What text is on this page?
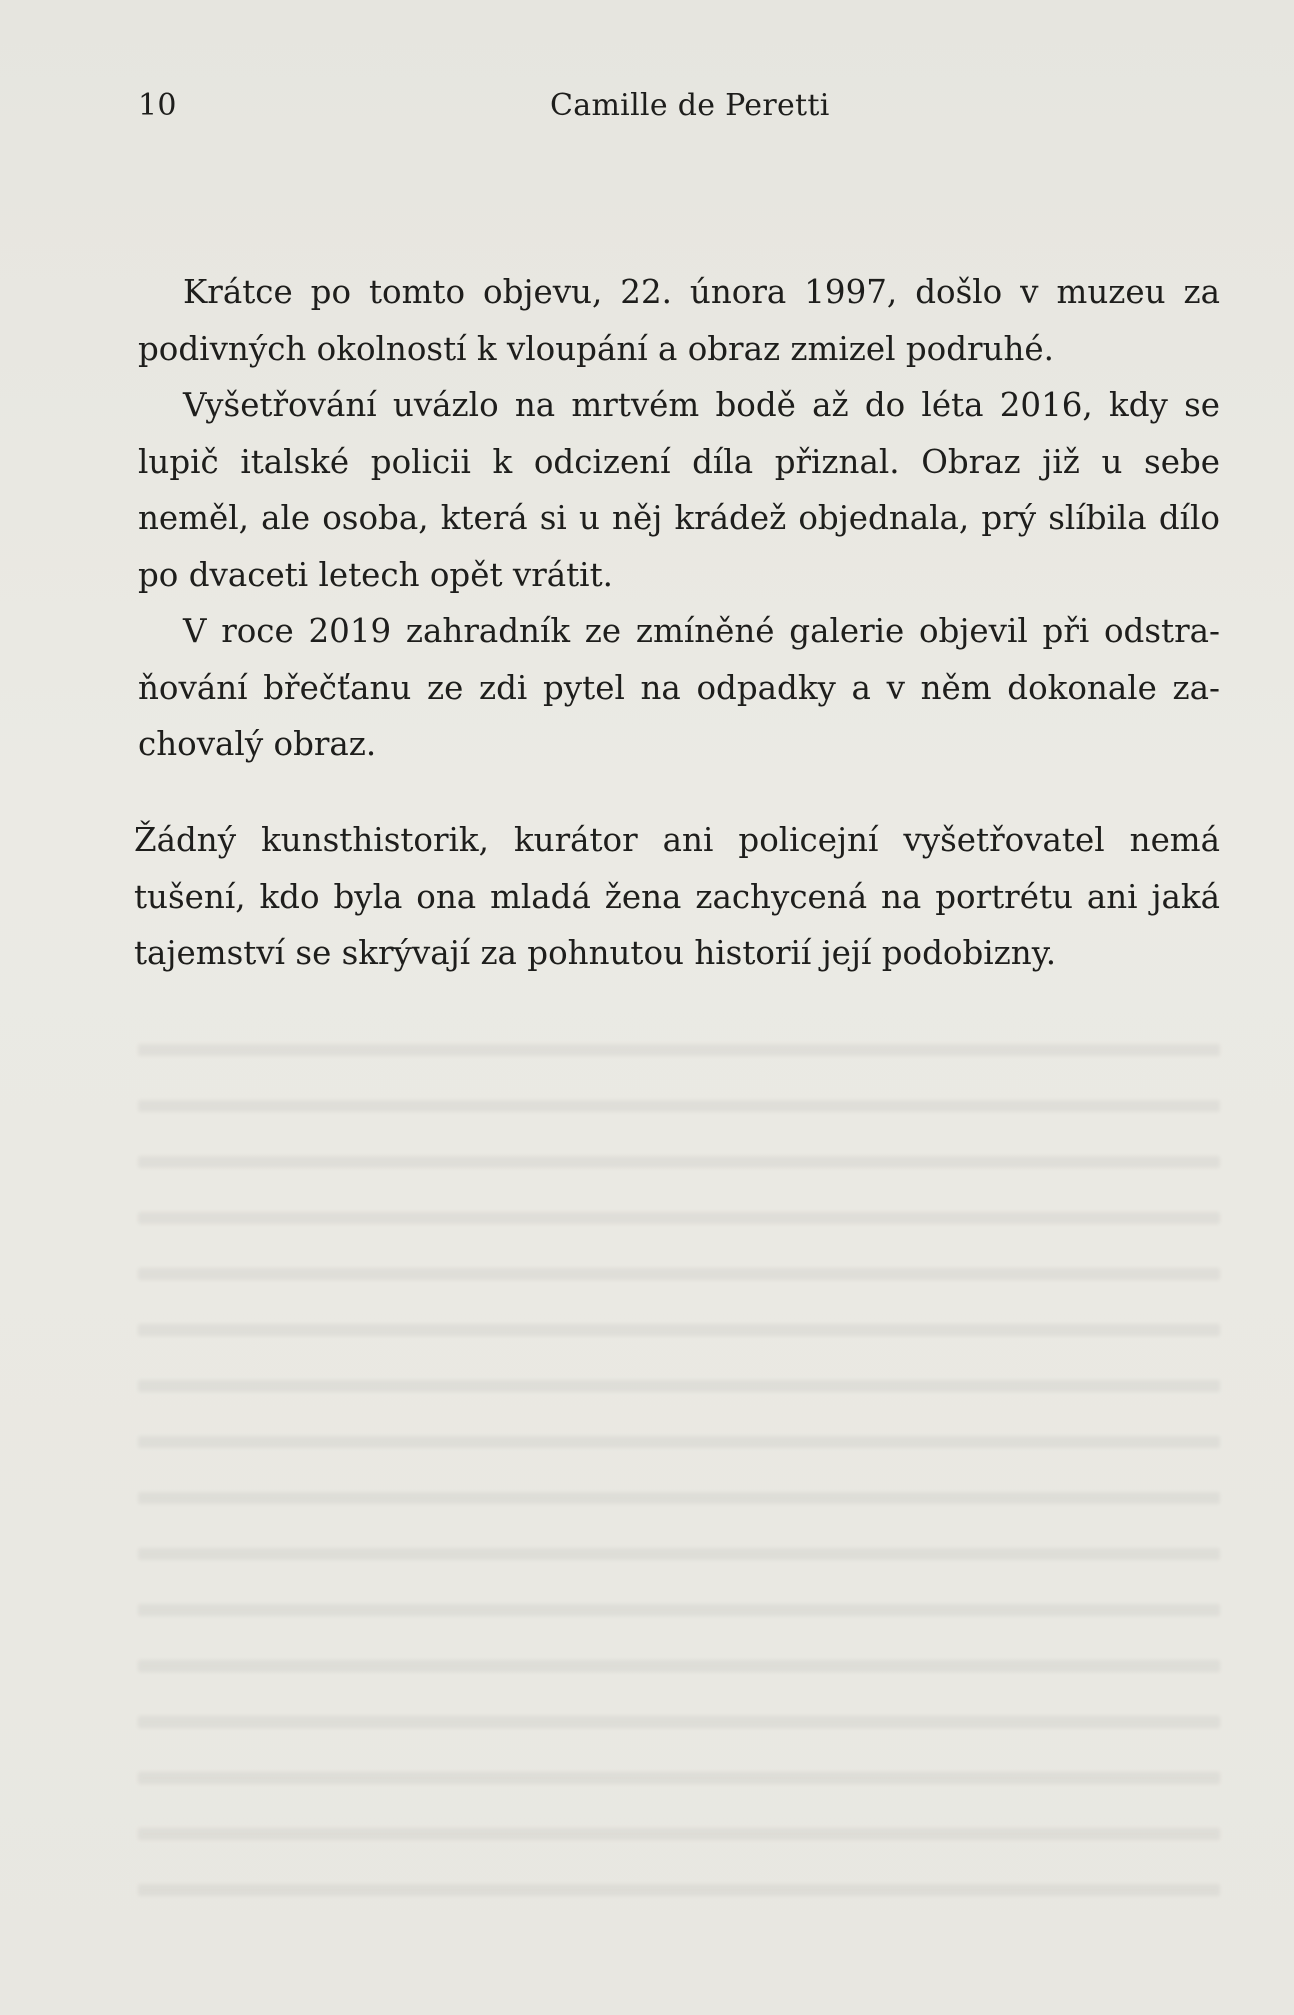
10	Camille de Peretti

Krátce po tomto objevu, 22. února 1997, došlo v muzeu za podivných okolností k vloupání a obraz zmizel podruhé.

Vyšetřování uvázlo na mrtvém bodě až do léta 2016, kdy se lupič italské policii k odcizení díla přiznal. Obraz již u sebe neměl, ale osoba, která si u něj krádež objednala, prý slíbila dílo po dvaceti letech opět vrátit.

V roce 2019 zahradník ze zmíněné galerie objevil při odstraňování břečťanu ze zdi pytel na odpadky a v něm dokonale zachovalý obraz.

Žádný kunsthistorik, kurátor ani policejní vyšetřovatel nemá tušení, kdo byla ona mladá žena zachycená na portrétu ani jaká tajemství se skrývají za pohnutou historií její podobizny.
